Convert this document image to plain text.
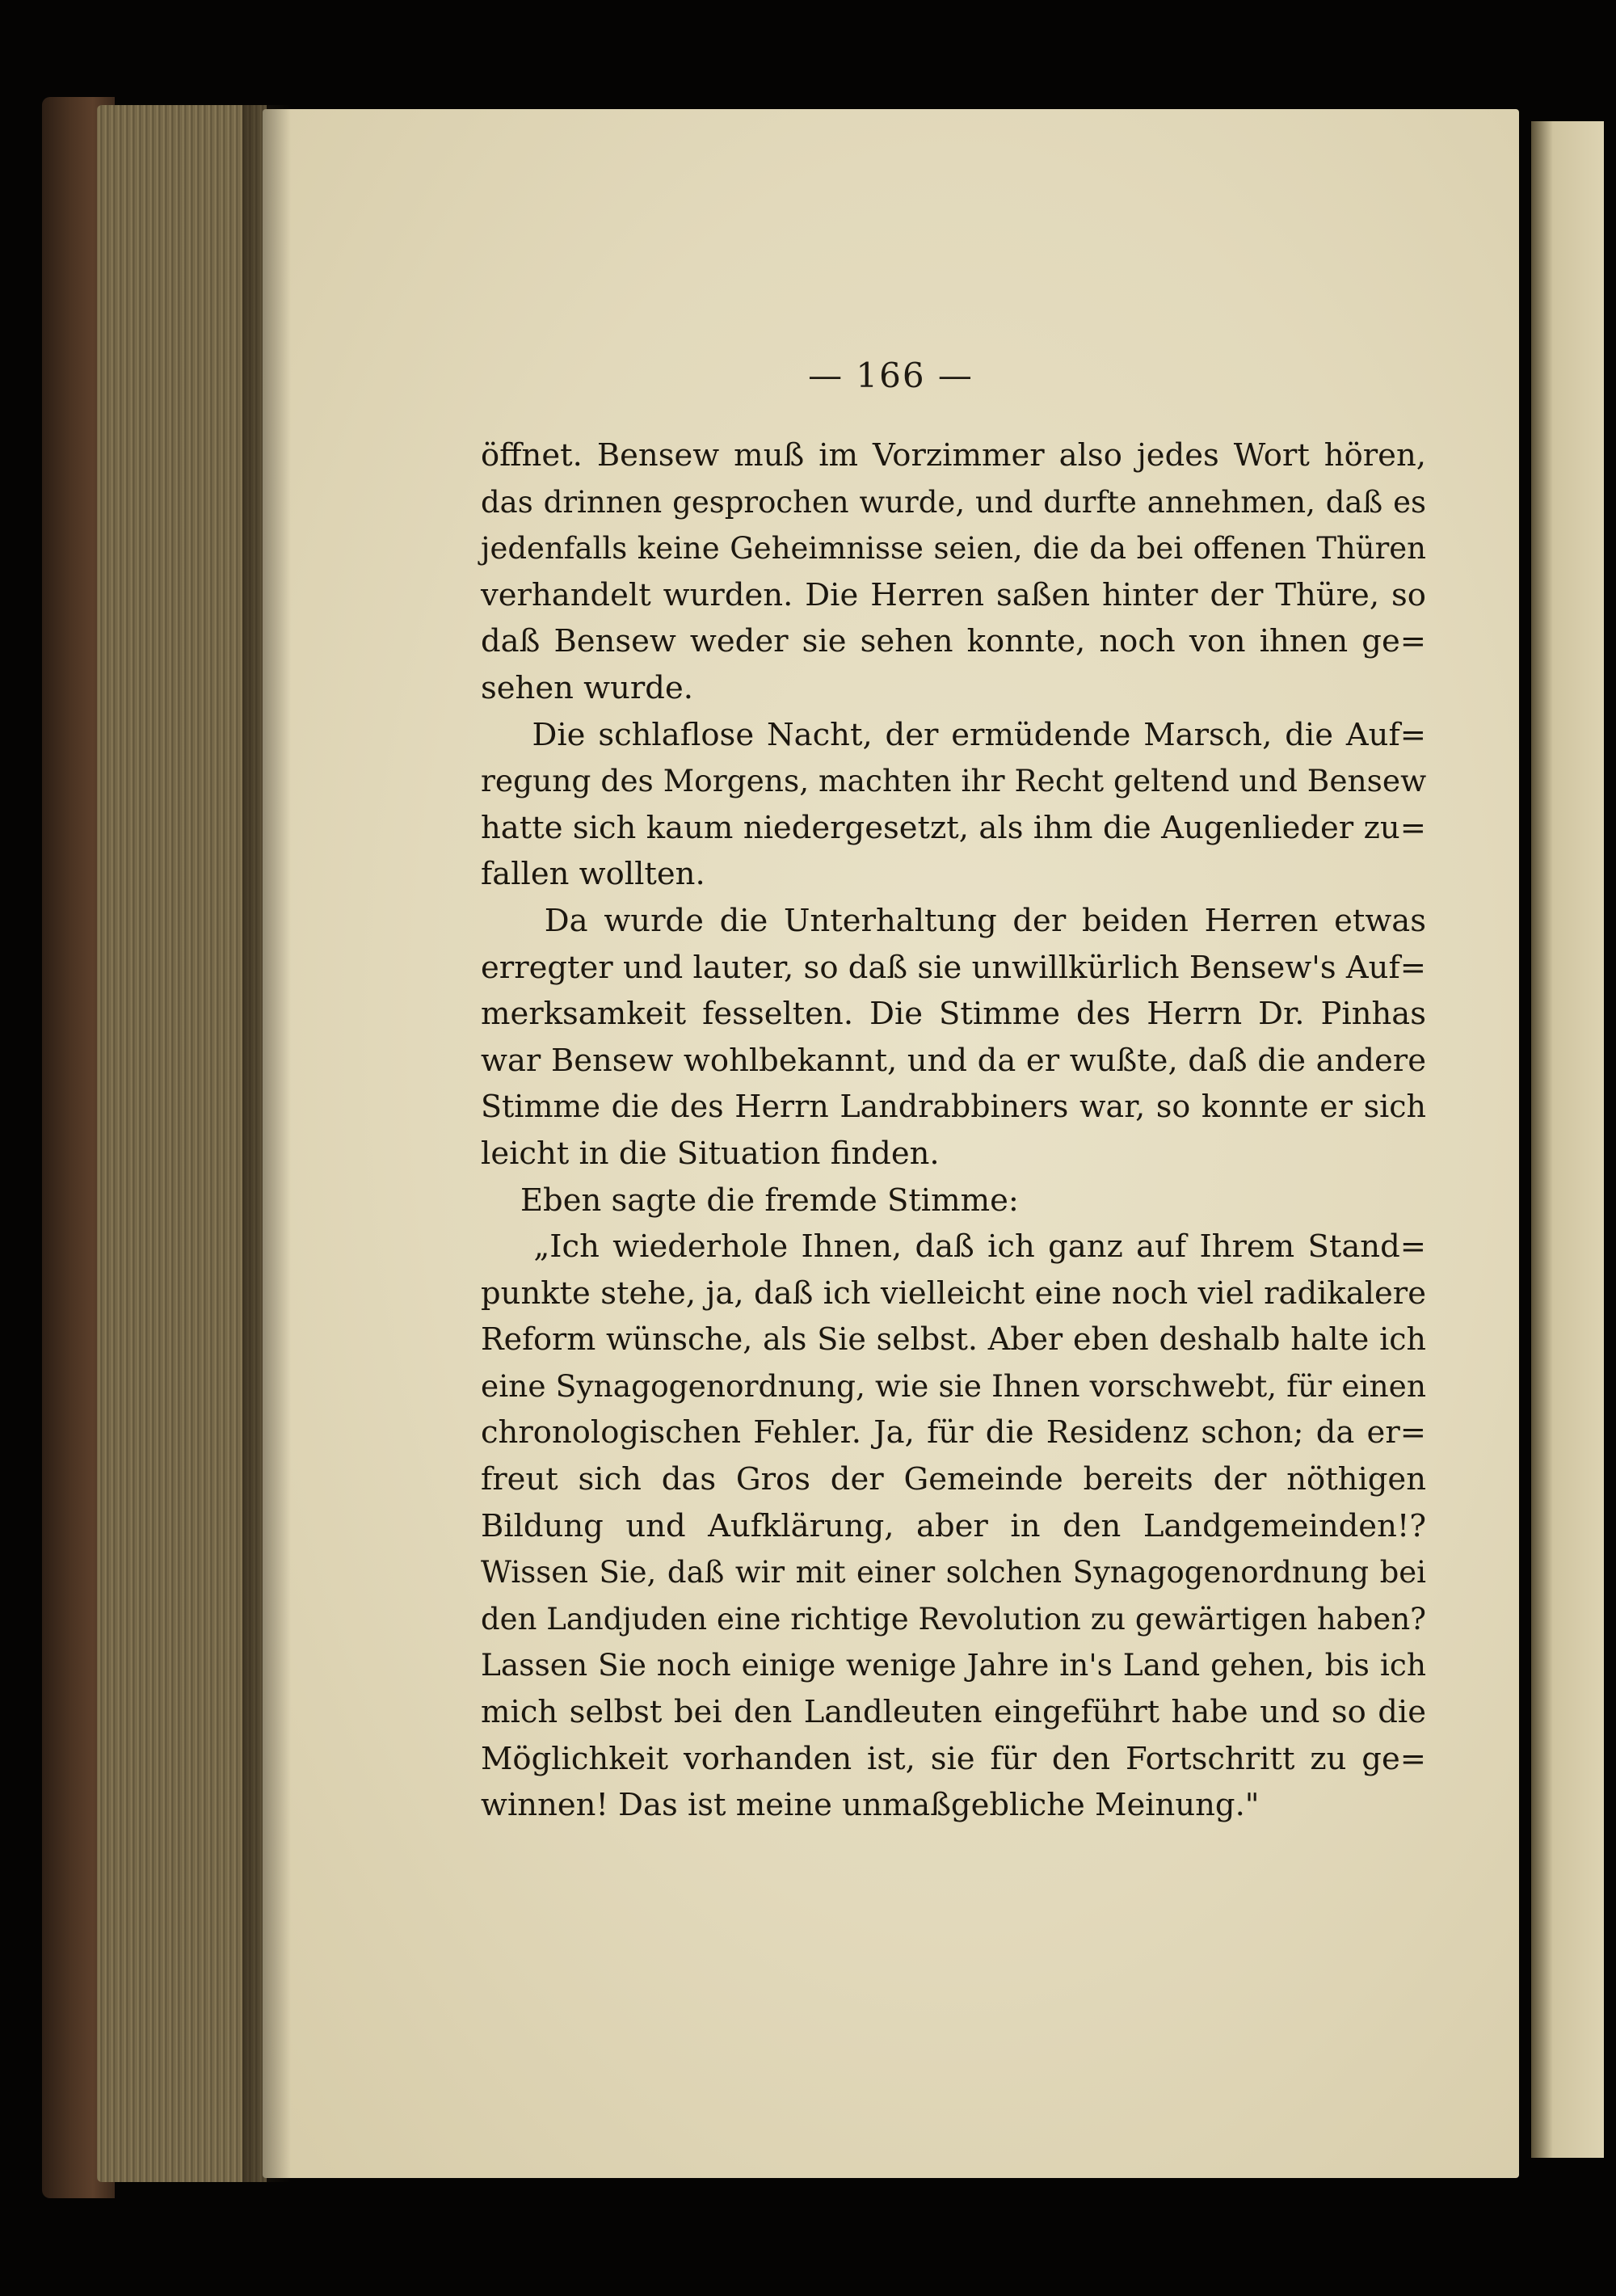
— 166 —
öffnet. Bensew muß im Vorzimmer also jedes Wort hören,
das drinnen gesprochen wurde, und durfte annehmen, daß es
jedenfalls keine Geheimnisse seien, die da bei offenen Thüren
verhandelt wurden. Die Herren saßen hinter der Thüre, so
daß Bensew weder sie sehen konnte, noch von ihnen ge=
sehen wurde.
Die schlaflose Nacht, der ermüdende Marsch, die Auf=
regung des Morgens, machten ihr Recht geltend und Bensew
hatte sich kaum niedergesetzt, als ihm die Augenlieder zu=
fallen wollten.
Da wurde die Unterhaltung der beiden Herren etwas
erregter und lauter, so daß sie unwillkürlich Bensew's Auf=
merksamkeit fesselten. Die Stimme des Herrn Dr. Pinhas
war Bensew wohlbekannt, und da er wußte, daß die andere
Stimme die des Herrn Landrabbiners war, so konnte er sich
leicht in die Situation finden.
Eben sagte die fremde Stimme:
„Ich wiederhole Ihnen, daß ich ganz auf Ihrem Stand=
punkte stehe, ja, daß ich vielleicht eine noch viel radikalere
Reform wünsche, als Sie selbst. Aber eben deshalb halte ich
eine Synagogenordnung, wie sie Ihnen vorschwebt, für einen
chronologischen Fehler. Ja, für die Residenz schon; da er=
freut sich das Gros der Gemeinde bereits der nöthigen
Bildung und Aufklärung, aber in den Landgemeinden!?
Wissen Sie, daß wir mit einer solchen Synagogenordnung bei
den Landjuden eine richtige Revolution zu gewärtigen haben?
Lassen Sie noch einige wenige Jahre in's Land gehen, bis ich
mich selbst bei den Landleuten eingeführt habe und so die
Möglichkeit vorhanden ist, sie für den Fortschritt zu ge=
winnen! Das ist meine unmaßgebliche Meinung."
